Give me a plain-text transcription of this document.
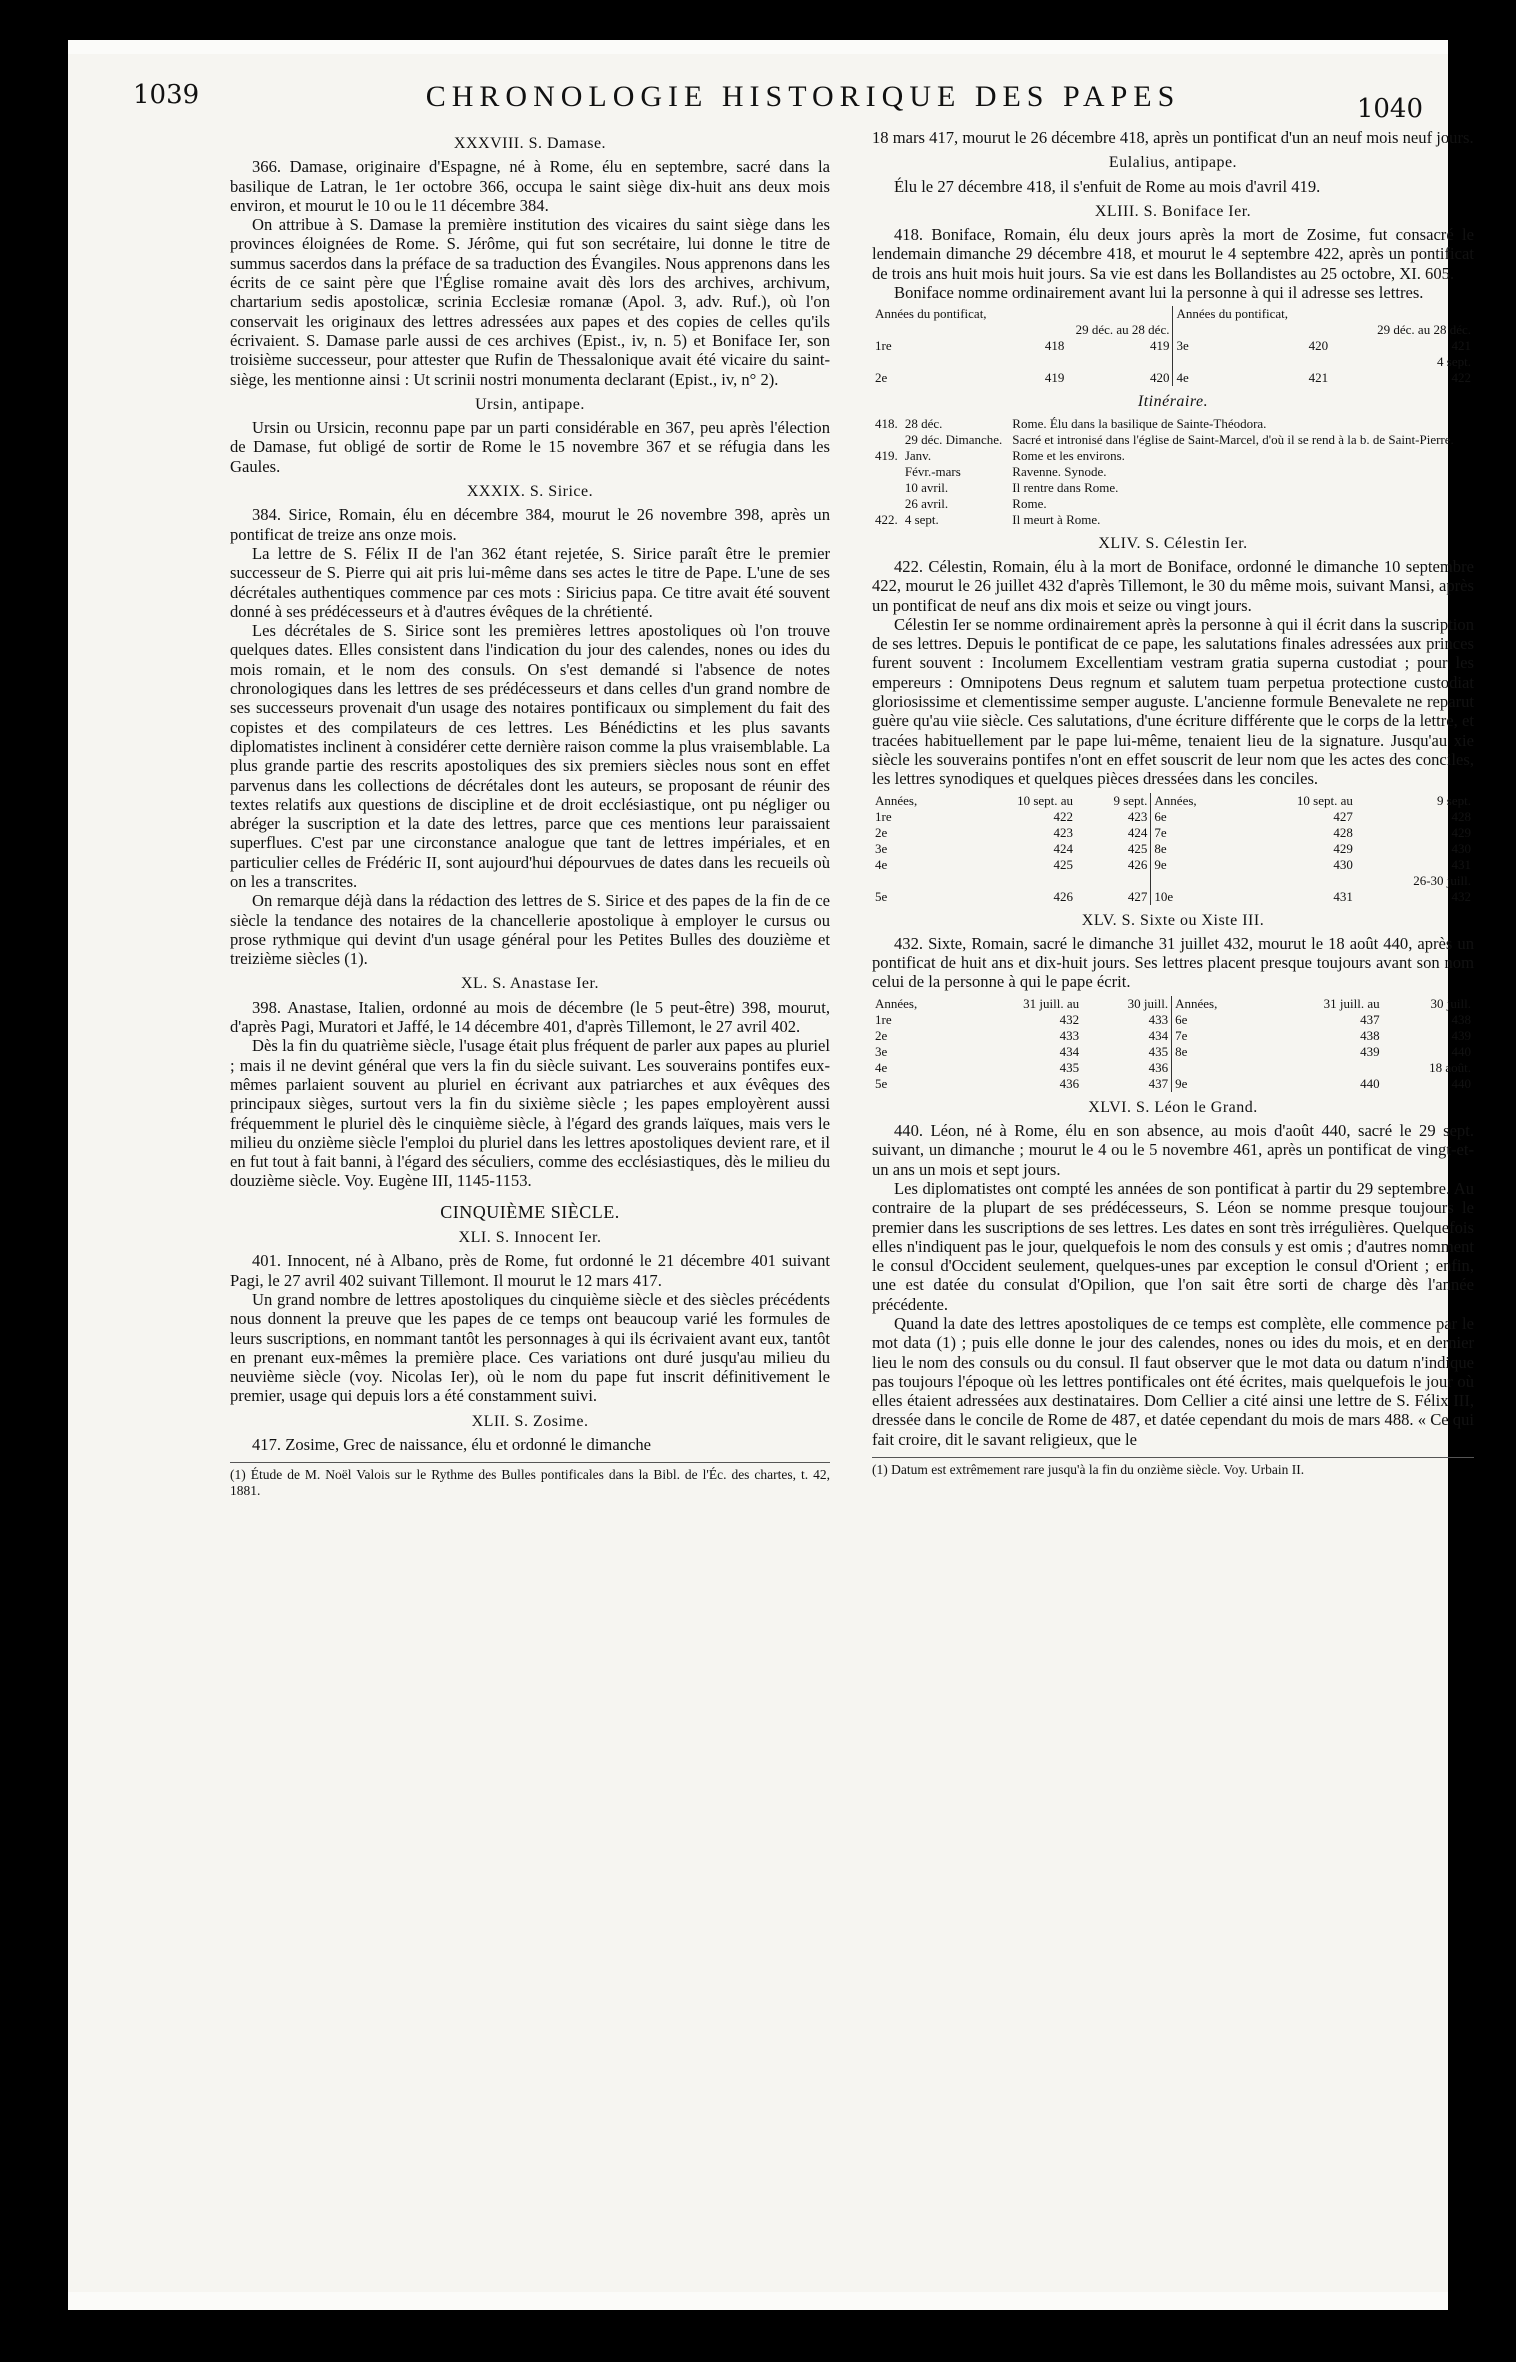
1039	CHRONOLOGIE HISTORIQUE DES PAPES	1040
XXXVIII. S. Damase.

366. Damase, originaire d'Espagne, né à Rome, élu en septembre, sacré dans la basilique de Latran, le 1er octobre 366, occupa le saint siège dix-huit ans deux mois environ, et mourut le 10 ou le 11 décembre 384.

On attribue à S. Damase la première institution des vicaires du saint siège dans les provinces éloignées de Rome. S. Jérôme, qui fut son secrétaire, lui donne le titre de summus sacerdos dans la préface de sa traduction des Évangiles. Nous apprenons dans les écrits de ce saint père que l'Église romaine avait dès lors des archives, archivum, chartarium sedis apostolicæ, scrinia Ecclesiæ romanæ (Apol. 3, adv. Ruf.), où l'on conservait les originaux des lettres adressées aux papes et des copies de celles qu'ils écrivaient. S. Damase parle aussi de ces archives (Epist., iv, n. 5) et Boniface Ier, son troisième successeur, pour attester que Rufin de Thessalonique avait été vicaire du saint-siège, les mentionne ainsi : Ut scrinii nostri monumenta declarant (Epist., iv, n° 2).

Ursin, antipape.

Ursin ou Ursicin, reconnu pape par un parti considérable en 367, peu après l'élection de Damase, fut obligé de sortir de Rome le 15 novembre 367 et se réfugia dans les Gaules.

XXXIX. S. Sirice.

384. Sirice, Romain, élu en décembre 384, mourut le 26 novembre 398, après un pontificat de treize ans onze mois.

La lettre de S. Félix II de l'an 362 étant rejetée, S. Sirice paraît être le premier successeur de S. Pierre qui ait pris lui-même dans ses actes le titre de Pape. L'une de ses décrétales authentiques commence par ces mots : Siricius papa. Ce titre avait été souvent donné à ses prédécesseurs et à d'autres évêques de la chrétienté.

Les décrétales de S. Sirice sont les premières lettres apostoliques où l'on trouve quelques dates. Elles consistent dans l'indication du jour des calendes, nones ou ides du mois romain, et le nom des consuls. On s'est demandé si l'absence de notes chronologiques dans les lettres de ses prédécesseurs et dans celles d'un grand nombre de ses successeurs provenait d'un usage des notaires pontificaux ou simplement du fait des copistes et des compilateurs de ces lettres. Les Bénédictins et les plus savants diplomatistes inclinent à considérer cette dernière raison comme la plus vraisemblable. La plus grande partie des rescrits apostoliques des six premiers siècles nous sont en effet parvenus dans les collections de décrétales dont les auteurs, se proposant de réunir des textes relatifs aux questions de discipline et de droit ecclésiastique, ont pu négliger ou abréger la suscription et la date des lettres, parce que ces mentions leur paraissaient superflues. C'est par une circonstance analogue que tant de lettres impériales, et en particulier celles de Frédéric II, sont aujourd'hui dépourvues de dates dans les recueils où on les a transcrites.

On remarque déjà dans la rédaction des lettres de S. Sirice et des papes de la fin de ce siècle la tendance des notaires de la chancellerie apostolique à employer le cursus ou prose rythmique qui devint d'un usage général pour les Petites Bulles des douzième et treizième siècles (1).

XL. S. Anastase Ier.

398. Anastase, Italien, ordonné au mois de décembre (le 5 peut-être) 398, mourut, d'après Pagi, Muratori et Jaffé, le 14 décembre 401, d'après Tillemont, le 27 avril 402.

Dès la fin du quatrième siècle, l'usage était plus fréquent de parler aux papes au pluriel ; mais il ne devint général que vers la fin du siècle suivant. Les souverains pontifes eux-mêmes parlaient souvent au pluriel en écrivant aux patriarches et aux évêques des principaux sièges, surtout vers la fin du sixième siècle ; les papes employèrent aussi fréquemment le pluriel dès le cinquième siècle, à l'égard des grands laïques, mais vers le milieu du onzième siècle l'emploi du pluriel dans les lettres apostoliques devient rare, et il en fut tout à fait banni, à l'égard des séculiers, comme des ecclésiastiques, dès le milieu du douzième siècle. Voy. Eugène III, 1145-1153.

CINQUIÈME SIÈCLE.
XLI. S. Innocent Ier.

401. Innocent, né à Albano, près de Rome, fut ordonné le 21 décembre 401 suivant Pagi, le 27 avril 402 suivant Tillemont. Il mourut le 12 mars 417.

Un grand nombre de lettres apostoliques du cinquième siècle et des siècles précédents nous donnent la preuve que les papes de ce temps ont beaucoup varié les formules de leurs suscriptions, en nommant tantôt les personnages à qui ils écrivaient avant eux, tantôt en prenant eux-mêmes la première place. Ces variations ont duré jusqu'au milieu du neuvième siècle (voy. Nicolas Ier), où le nom du pape fut inscrit définitivement le premier, usage qui depuis lors a été constamment suivi.

XLII. S. Zosime.

417. Zosime, Grec de naissance, élu et ordonné le dimanche

(1) Étude de M. Noël Valois sur le Rythme des Bulles pontificales dans la Bibl. de l'Éc. des chartes, t. 42, 1881.

18 mars 417, mourut le 26 décembre 418, après un pontificat d'un an neuf mois neuf jours.

Eulalius, antipape.

Élu le 27 décembre 418, il s'enfuit de Rome au mois d'avril 419.

XLIII. S. Boniface Ier.

418. Boniface, Romain, élu deux jours après la mort de Zosime, fut consacré le lendemain dimanche 29 décembre 418, et mourut le 4 septembre 422, après un pontificat de trois ans huit mois huit jours. Sa vie est dans les Bollandistes au 25 octobre, XI. 605.

Boniface nomme ordinairement avant lui la personne à qui il adresse ses lettres.

Années du pontificat,			Années du pontificat,		
29 déc. au 28 déc.			29 déc. au 28 déc.		
1re	418	419	3e	420	421
					4 sept.
2e	419	420	4e	421	422
Itinéraire.
418.	28 déc.	Rome. Élu dans la basilique de Sainte-Théodora.
	29 déc. Dimanche.	Sacré et intronisé dans l'église de Saint-Marcel, d'où il se rend à la b. de Saint-Pierre.
419.	Janv.	Rome et les environs.
	Févr.-mars	Ravenne. Synode.
	10 avril.	Il rentre dans Rome.
	26 avril.	Rome.
422.	4 sept.	Il meurt à Rome.
XLIV. S. Célestin Ier.

422. Célestin, Romain, élu à la mort de Boniface, ordonné le dimanche 10 septembre 422, mourut le 26 juillet 432 d'après Tillemont, le 30 du même mois, suivant Mansi, après un pontificat de neuf ans dix mois et seize ou vingt jours.

Célestin Ier se nomme ordinairement après la personne à qui il écrit dans la suscription de ses lettres. Depuis le pontificat de ce pape, les salutations finales adressées aux princes furent souvent : Incolumem Excellentiam vestram gratia superna custodiat ; pour les empereurs : Omnipotens Deus regnum et salutem tuam perpetua protectione custodiat gloriosissime et clementissime semper auguste. L'ancienne formule Benevalete ne reparut guère qu'au viie siècle. Ces salutations, d'une écriture différente que le corps de la lettre, et tracées habituellement par le pape lui-même, tenaient lieu de la signature. Jusqu'au xie siècle les souverains pontifes n'ont en effet souscrit de leur nom que les actes des conciles, les lettres synodiques et quelques pièces dressées dans les conciles.

Années,	10 sept. au	9 sept.	Années,	10 sept. au	9 sept.
1re	422	423	6e	427	428
2e	423	424	7e	428	429
3e	424	425	8e	429	430
4e	425	426	9e	430	431
					26-30 juill.
5e	426	427	10e	431	432
XLV. S. Sixte ou Xiste III.

432. Sixte, Romain, sacré le dimanche 31 juillet 432, mourut le 18 août 440, après un pontificat de huit ans et dix-huit jours. Ses lettres placent presque toujours avant son nom celui de la personne à qui le pape écrit.

Années,	31 juill. au	30 juill.	Années,	31 juill. au	30 juill.
1re	432	433	6e	437	438
2e	433	434	7e	438	439
3e	434	435	8e	439	440
4e	435	436			18 août.
5e	436	437	9e	440	440
XLVI. S. Léon le Grand.

440. Léon, né à Rome, élu en son absence, au mois d'août 440, sacré le 29 sept. suivant, un dimanche ; mourut le 4 ou le 5 novembre 461, après un pontificat de vingt-et-un ans un mois et sept jours.

Les diplomatistes ont compté les années de son pontificat à partir du 29 septembre. Au contraire de la plupart de ses prédécesseurs, S. Léon se nomme presque toujours le premier dans les suscriptions de ses lettres. Les dates en sont très irrégulières. Quelquefois elles n'indiquent pas le jour, quelquefois le nom des consuls y est omis ; d'autres nomment le consul d'Occident seulement, quelques-unes par exception le consul d'Orient ; enfin, une est datée du consulat d'Opilion, que l'on sait être sorti de charge dès l'année précédente.

Quand la date des lettres apostoliques de ce temps est complète, elle commence par le mot data (1) ; puis elle donne le jour des calendes, nones ou ides du mois, et en dernier lieu le nom des consuls ou du consul. Il faut observer que le mot data ou datum n'indique pas toujours l'époque où les lettres pontificales ont été écrites, mais quelquefois le jour où elles étaient adressées aux destinataires. Dom Cellier a cité ainsi une lettre de S. Félix III, dressée dans le concile de Rome de 487, et datée cependant du mois de mars 488. « Ce qui fait croire, dit le savant religieux, que le

(1) Datum est extrêmement rare jusqu'à la fin du onzième siècle. Voy. Urbain II.
